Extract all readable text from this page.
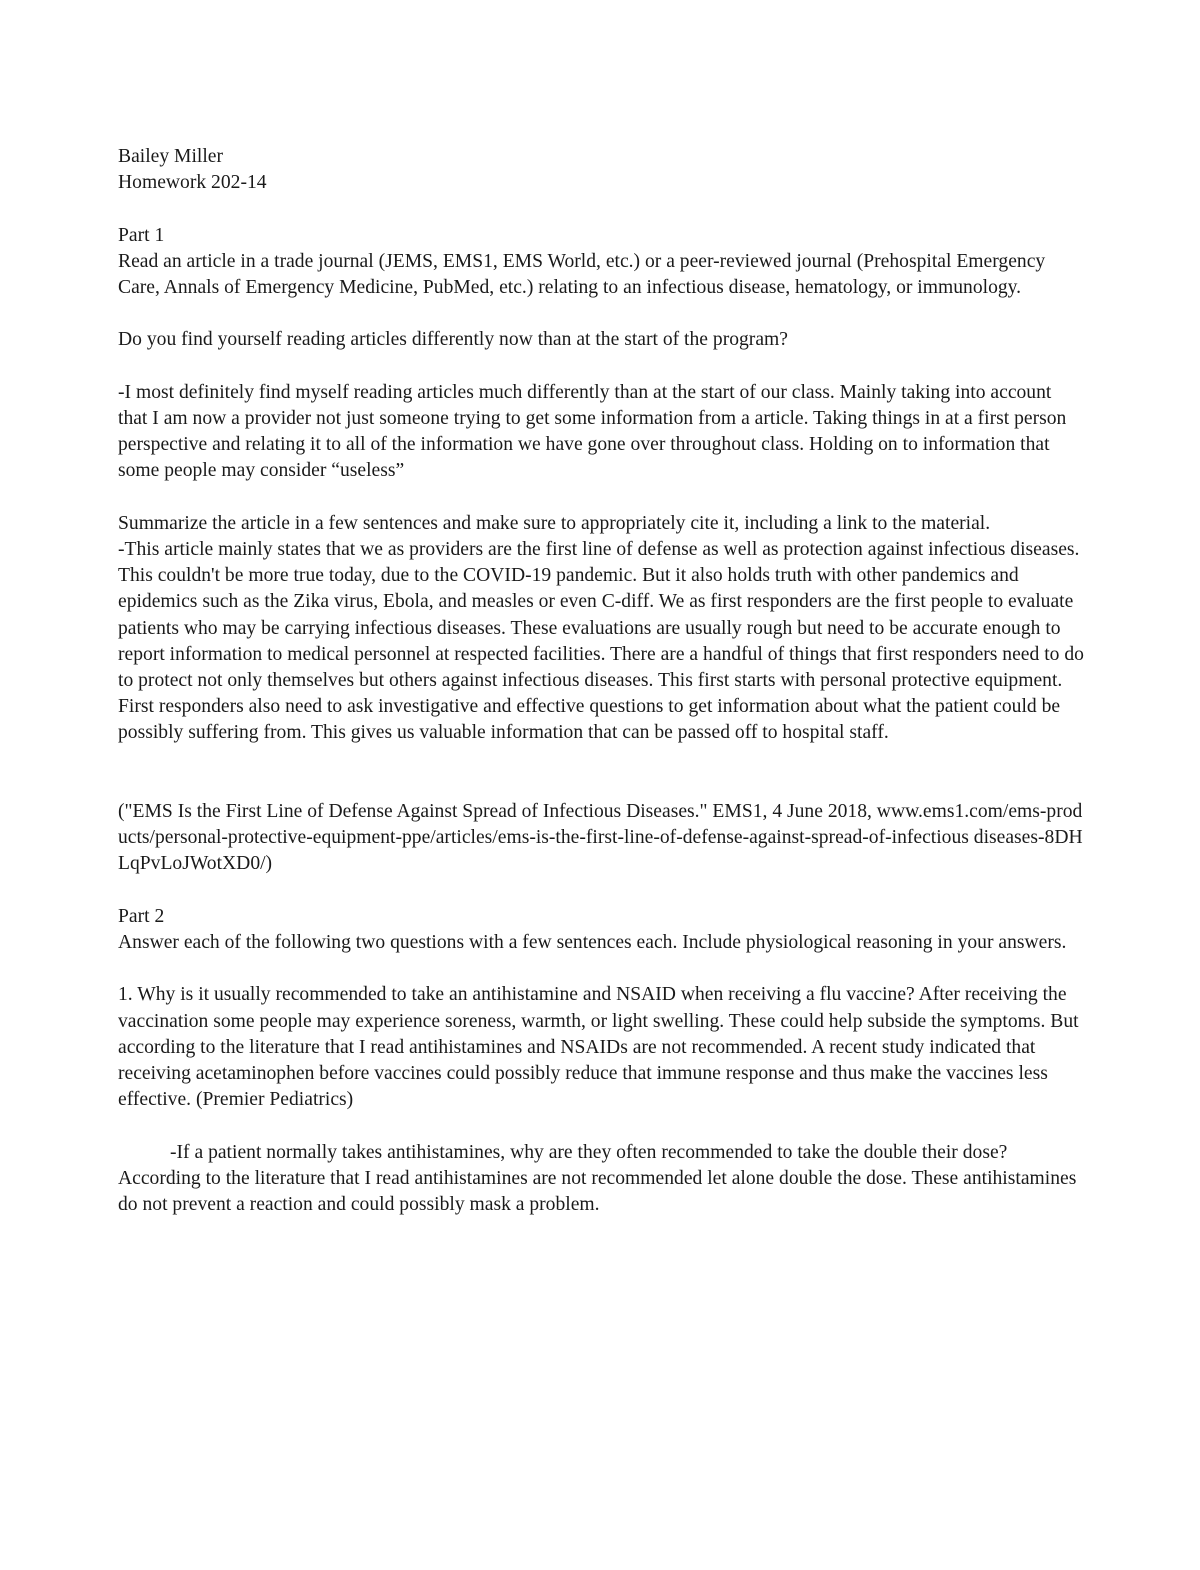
Bailey Miller

Homework 202-14

Part 1

Read an article in a trade journal (JEMS, EMS1, EMS World, etc.) or a peer-reviewed journal (Prehospital Emergency Care, Annals of Emergency Medicine, PubMed, etc.) relating to an infectious disease, hematology, or immunology.

Do you find yourself reading articles differently now than at the start of the program?

-I most definitely find myself reading articles much differently than at the start of our class. Mainly taking into account that I am now a provider not just someone trying to get some information from a article. Taking things in at a first person perspective and relating it to all of the information we have gone over throughout class. Holding on to information that some people may consider “useless”

Summarize the article in a few sentences and make sure to appropriately cite it, including a link to the material.

-This article mainly states that we as providers are the first line of defense as well as protection against infectious diseases. This couldn't be more true today, due to the COVID-19 pandemic. But it also holds truth with other pandemics and epidemics such as the Zika virus, Ebola, and measles or even C-diff. We as first responders are the first people to evaluate patients who may be carrying infectious diseases. These evaluations are usually rough but need to be accurate enough to report information to medical personnel at respected facilities. There are a handful of things that first responders need to do to protect not only themselves but others against infectious diseases. This first starts with personal protective equipment. First responders also need to ask investigative and effective questions to get information about what the patient could be possibly suffering from. This gives us valuable information that can be passed off to hospital staff.

("EMS Is the First Line of Defense Against Spread of Infectious Diseases." EMS1, 4 June 2018, www.ems1.com/ems-products/personal-protective-equipment-ppe/articles/ems-is-the-first-line-of-defense-against-spread-of-infectious diseases-8DHLqPvLoJWotXD0/)

Part 2

Answer each of the following two questions with a few sentences each. Include physiological reasoning in your answers.

1. Why is it usually recommended to take an antihistamine and NSAID when receiving a flu vaccine? After receiving the vaccination some people may experience soreness, warmth, or light swelling. These could help subside the symptoms. But according to the literature that I read antihistamines and NSAIDs are not recommended. A recent study indicated that receiving acetaminophen before vaccines could possibly reduce that immune response and thus make the vaccines less effective. (Premier Pediatrics)

-If a patient normally takes antihistamines, why are they often recommended to take the double their dose?

According to the literature that I read antihistamines are not recommended let alone double the dose. These antihistamines do not prevent a reaction and could possibly mask a problem.
